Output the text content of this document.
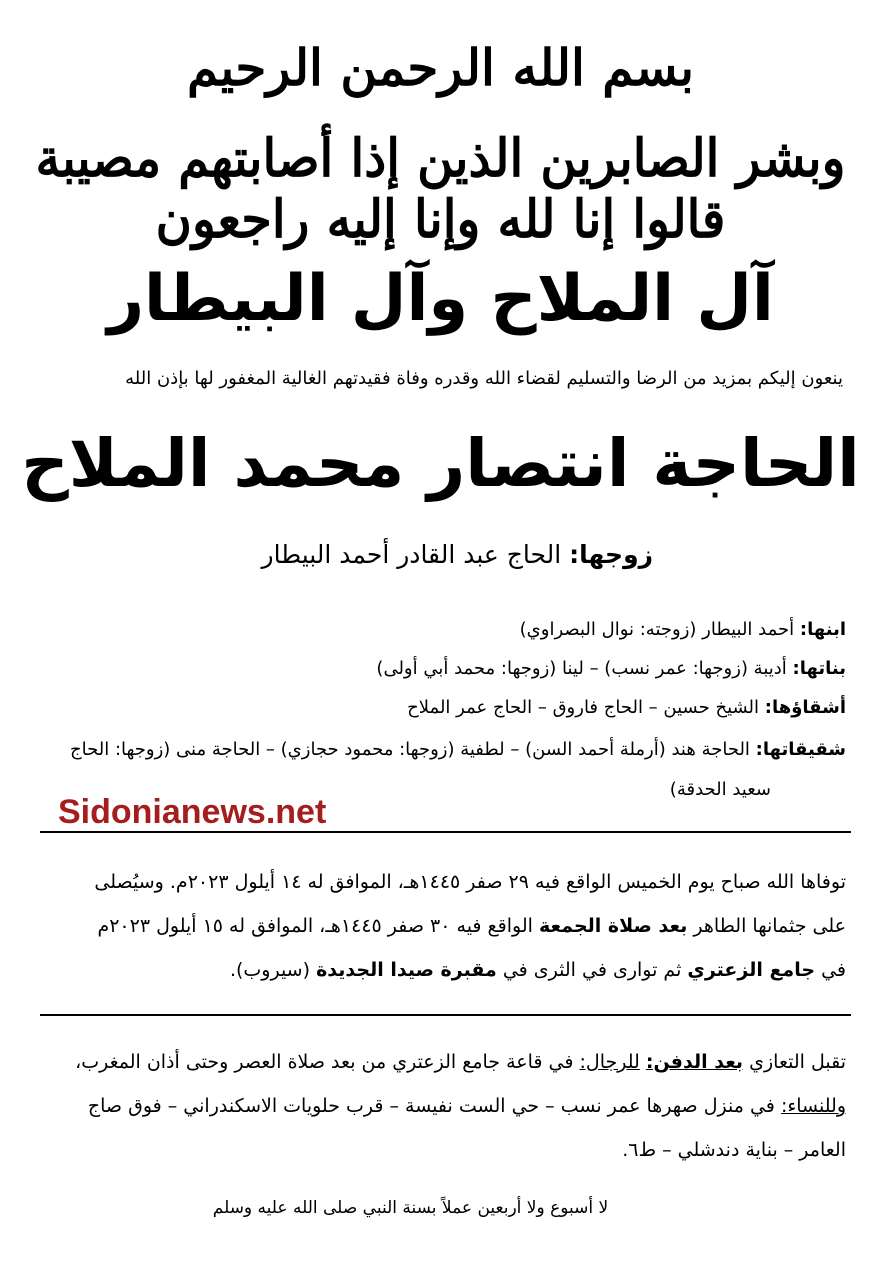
بسم الله الرحمن الرحيم
وبشر الصابرين الذين إذا أصابتهم مصيبة قالوا إنا لله وإنا إليه راجعون
آل الملاح وآل البيطار
ينعون إليكم بمزيد من الرضا والتسليم لقضاء الله وقدره وفاة فقيدتهم الغالية المغفور لها بإذن الله
الحاجة انتصار محمد الملاح
زوجها: الحاج عبد القادر أحمد البيطار
ابنها: أحمد البيطار (زوجته: نوال البصراوي)
بناتها: أديبة (زوجها: عمر نسب) – لينا (زوجها: محمد أبي أولى)
أشقاؤها: الشيخ حسين – الحاج فاروق – الحاج عمر الملاح
شقيقاتها: الحاجة هند (أرملة أحمد السن) – لطفية (زوجها: محمود حجازي) – الحاجة منى (زوجها: الحاج
سعيد الحدقة)
Sidonianews.net
توفاها الله صباح يوم الخميس الواقع فيه ٢٩ صفر ١٤٤٥هـ، الموافق له ١٤ أيلول ٢٠٢٣م. وسيُصلى
على جثمانها الطاهر بعد صلاة الجمعة الواقع فيه ٣٠ صفر ١٤٤٥هـ، الموافق له ١٥ أيلول ٢٠٢٣م
في جامع الزعتري ثم توارى في الثرى في مقبرة صيدا الجديدة (سيروب).
تقبل التعازي بعد الدفن: للرجال: في قاعة جامع الزعتري من بعد صلاة العصر وحتى أذان المغرب،
وللنساء: في منزل صهرها عمر نسب – حي الست نفيسة – قرب حلويات الاسكندراني – فوق صاج
العامر – بناية دندشلي – ط٦.
لا أسبوع ولا أربعين عملاً بسنة النبي صلى الله عليه وسلم
